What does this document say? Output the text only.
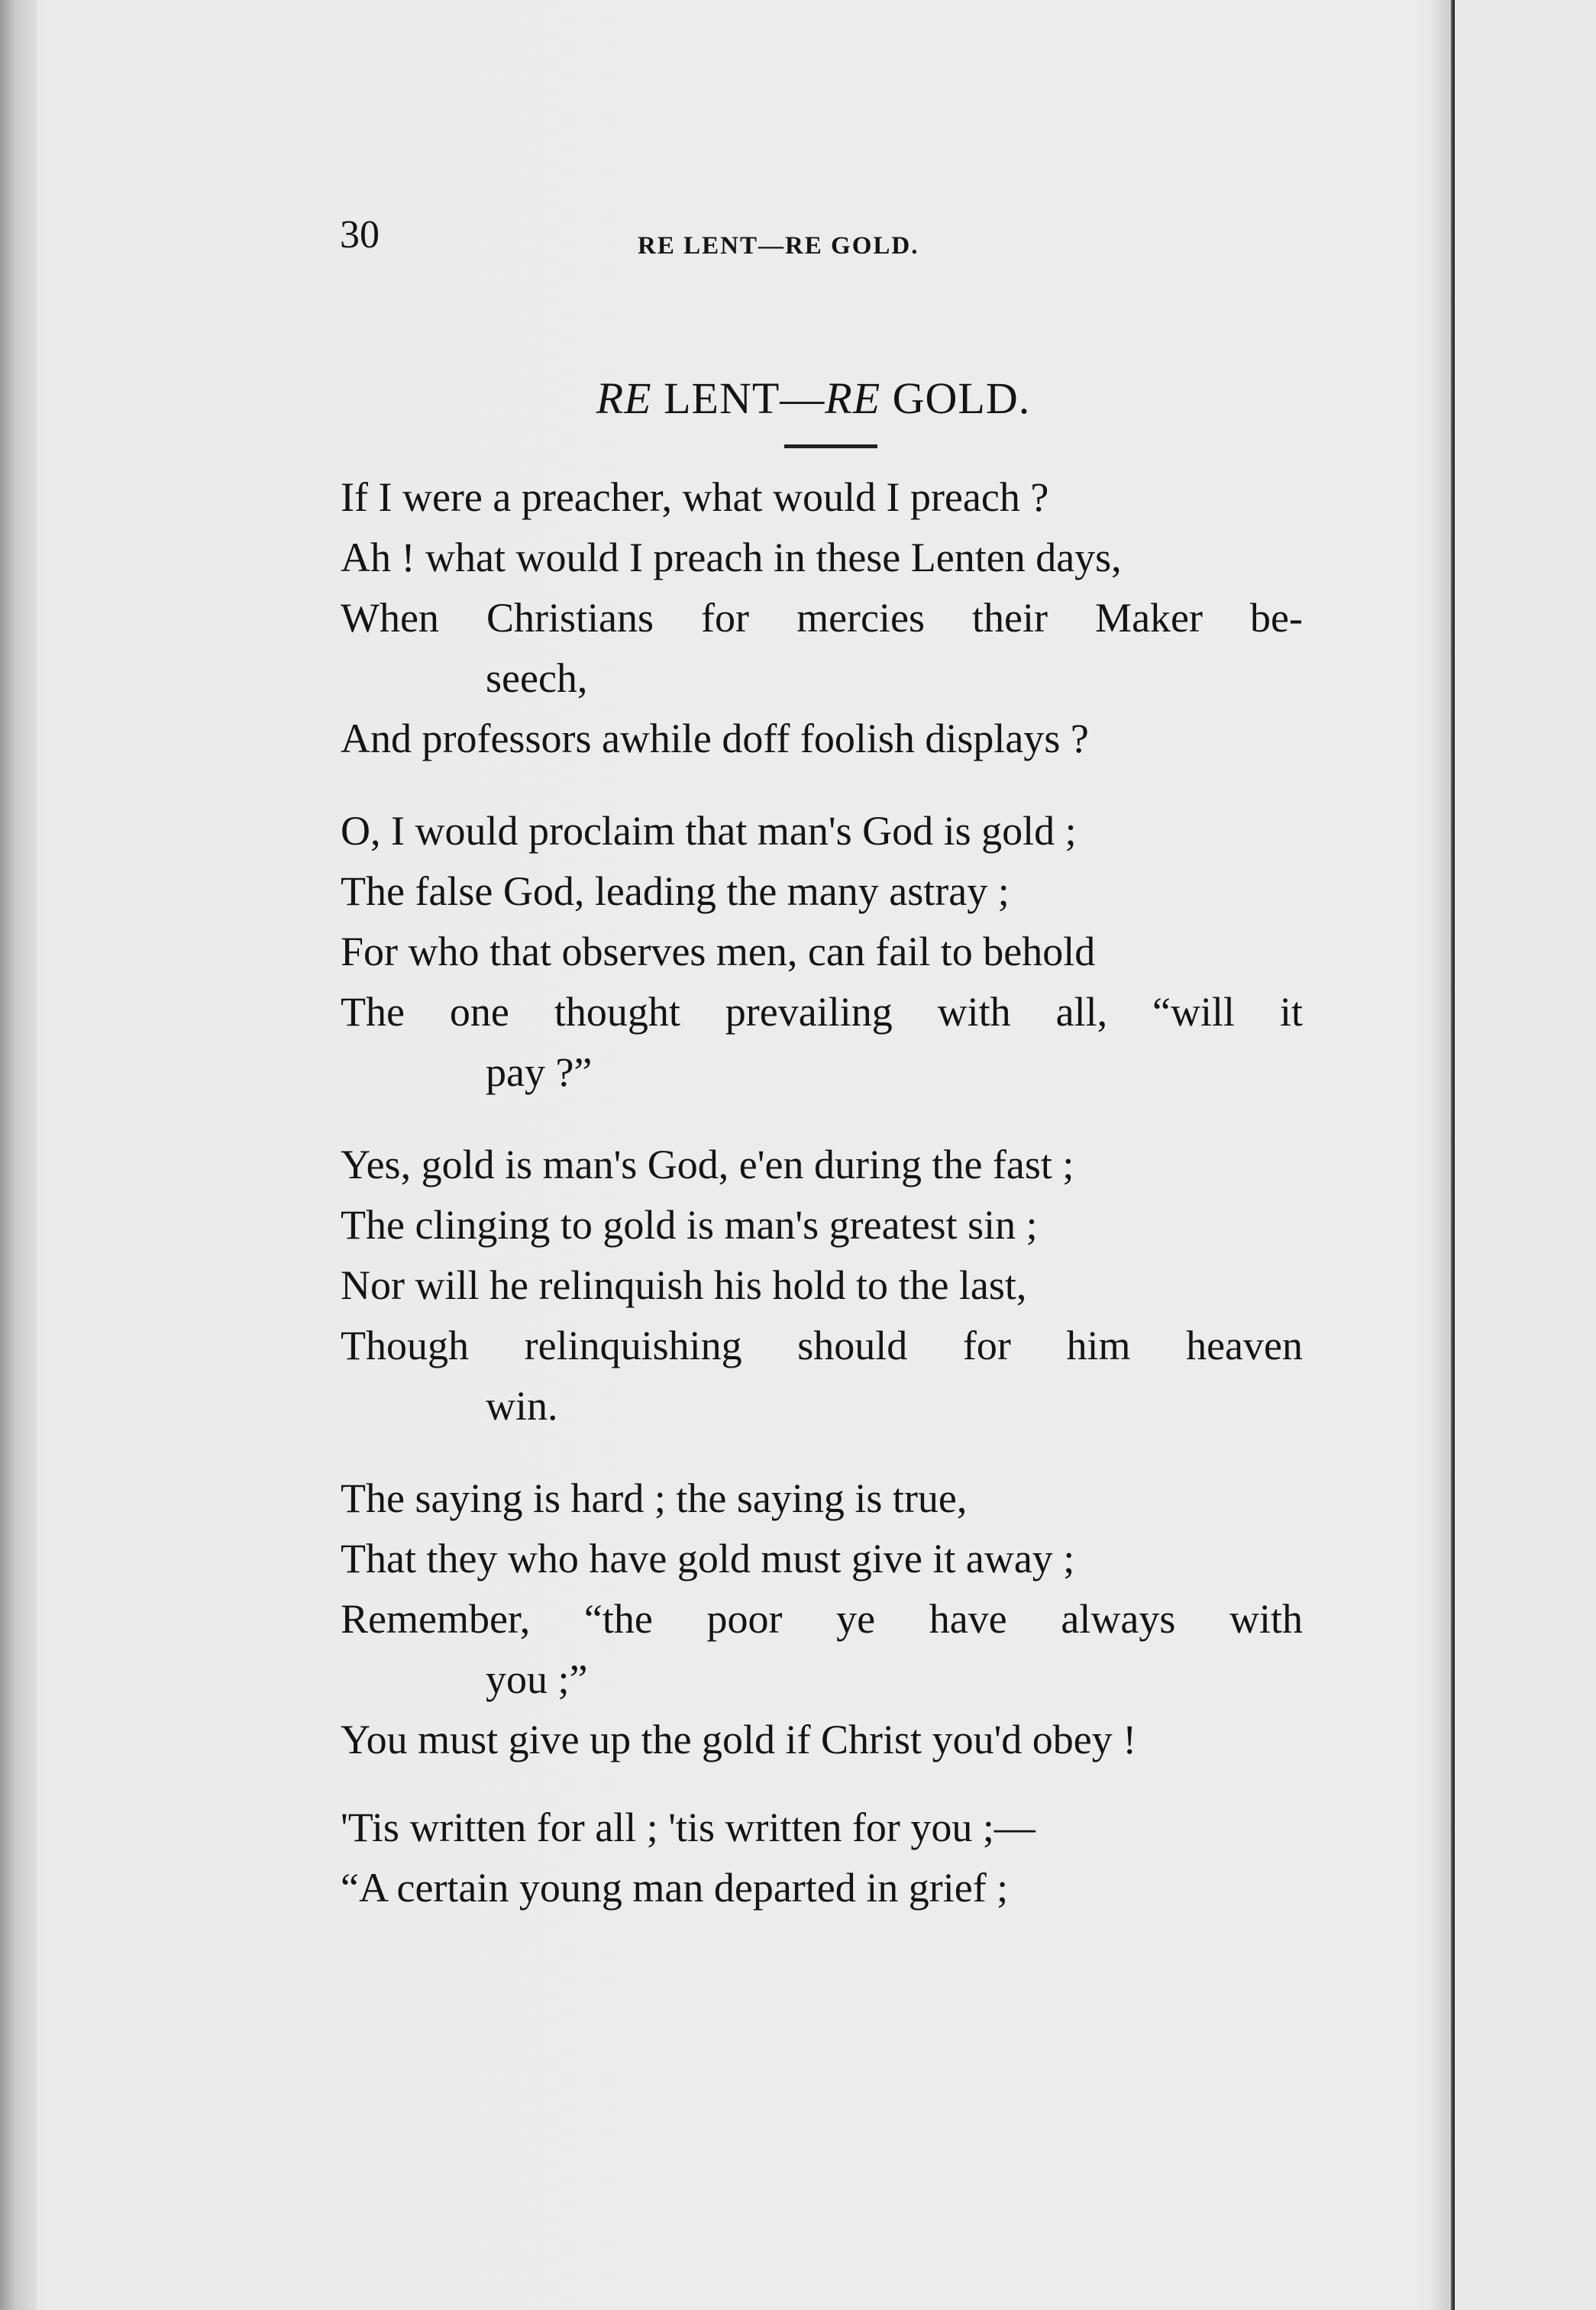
30	RE LENT—RE GOLD.
RE LENT—RE GOLD.
If I were a preacher, what would I preach ?
Ah ! what would I preach in these Lenten days,
When Christians for mercies their Maker be-
seech,
And professors awhile doff foolish displays ?
O, I would proclaim that man's God is gold ;
The false God, leading the many astray ;
For who that observes men, can fail to behold
The one thought prevailing with all, “will it
pay ?”
Yes, gold is man's God, e'en during the fast ;
The clinging to gold is man's greatest sin ;
Nor will he relinquish his hold to the last,
Though relinquishing should for him heaven
win.
The saying is hard ; the saying is true,
That they who have gold must give it away ;
Remember, “the poor ye have always with
you ;”
You must give up the gold if Christ you'd obey !
'Tis written for all ; 'tis written for you ;—
“A certain young man departed in grief ;
